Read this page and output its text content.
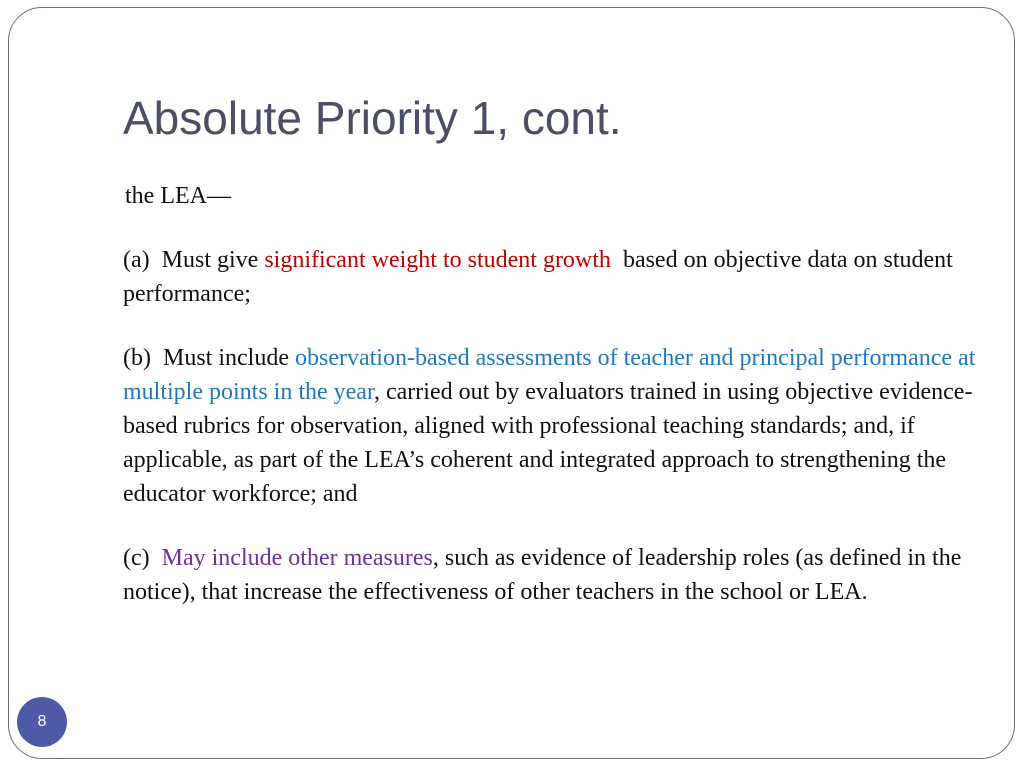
Absolute Priority 1, cont.

the LEA—

(a)  Must give significant weight to student growth  based on objective data on student performance;

(b)  Must include observation-based assessments of teacher and principal performance at multiple points in the year, carried out by evaluators trained in using objective evidence-based rubrics for observation, aligned with professional teaching standards; and, if applicable, as part of the LEA’s coherent and integrated approach to strengthening the educator workforce; and

(c)  May include other measures, such as evidence of leadership roles (as defined in the notice), that increase the effectiveness of other teachers in the school or LEA.

8
